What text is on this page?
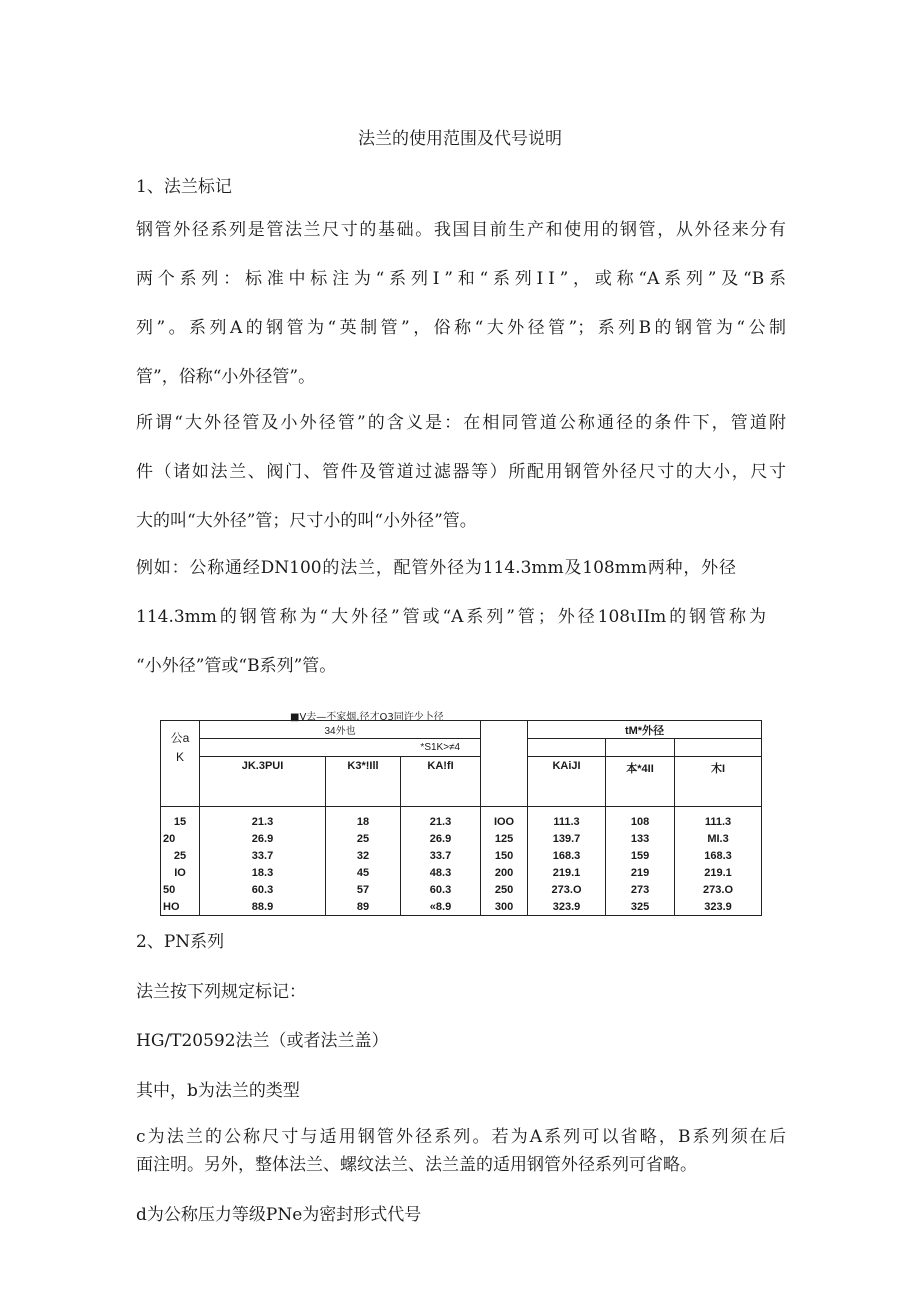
法兰的使用范围及代号说明
1、法兰标记

钢管外径系列是管法兰尺寸的基础。我国目前生产和使用的钢管，从外径来分有

两个系列：标准中标注为“系列Ⅰ”和“系列ⅠⅠ”，或称“A系列”及“B系

列”。系列A的钢管为“英制管”，俗称“大外径管”；系列B的钢管为“公制

管”，俗称“小外径管”。

所谓“大外径管及小外径管”的含义是：在相同管道公称通径的条件下，管道附

件（诸如法兰、阀门、管件及管道过滤器等）所配用钢管外径尺寸的大小，尺寸

大的叫“大外径”管；尺寸小的叫“小外径”管。

例如：公称通经DN100的法兰，配管外径为114.3mm及108mm两种，外径

114.3mm的钢管称为“大外径”管或“A系列”管；外径108ιIIm的钢管称为

“小外径”管或“B系列”管。

■V去—不家烟,径才O3同许少卜径
公a
K	34外也				tM*外径		
			*S1K>≠4				
	JK.3PUI	K3*!Ill	KA!fI		KAiJI	本*4II	木I
15	21.3	18	21.3	IOO	111.3	108	111.3
20	26.9	25	26.9	125	139.7	133	MI.3
25	33.7	32	33.7	150	168.3	159	168.3
IO	18.3	45	48.3	200	219.1	219	219.1
50	60.3	57	60.3	250	273.O	273	273.O
HO	88.9	89	«8.9	300	323.9	325	323.9
2、PN系列
法兰按下列规定标记：
HG/T20592法兰（或者法兰盖）
其中，b为法兰的类型

c为法兰的公称尺寸与适用钢管外径系列。若为A系列可以省略，B系列须在后

面注明。另外，整体法兰、螺纹法兰、法兰盖的适用钢管外径系列可省略。

d为公称压力等级PNe为密封形式代号
